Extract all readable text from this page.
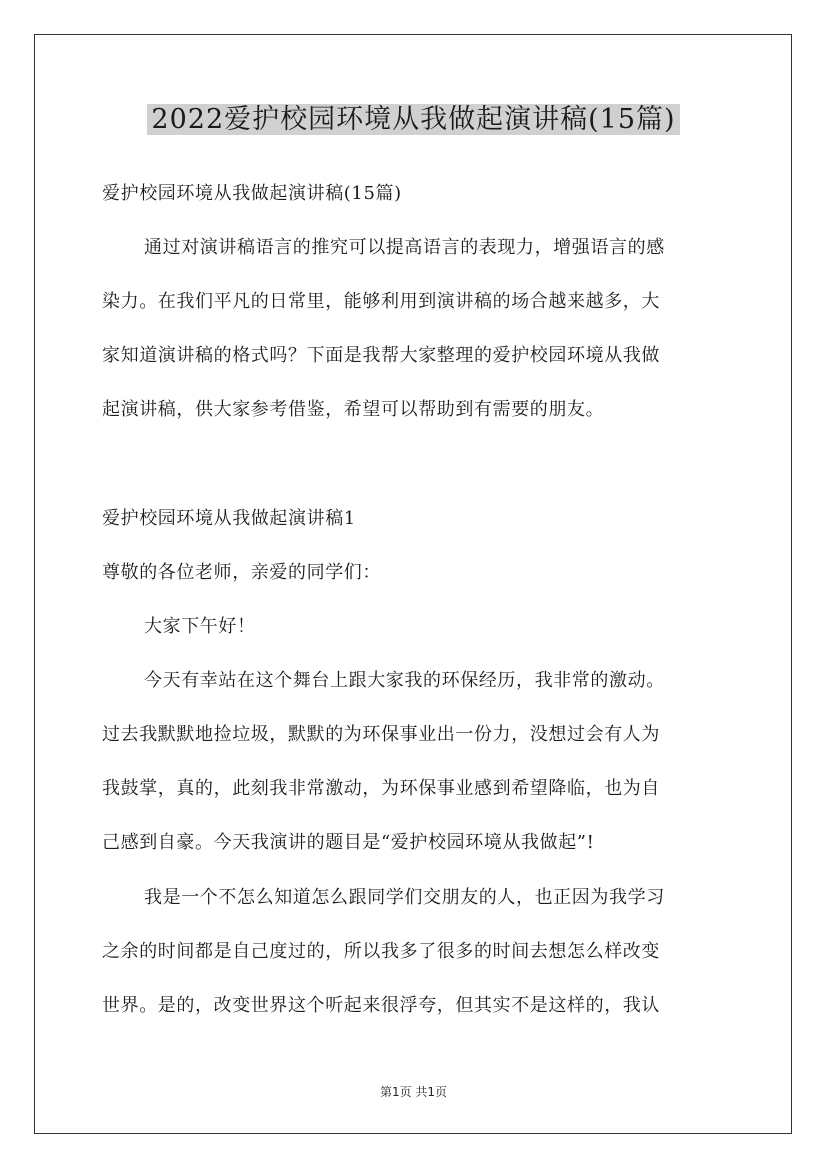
2022爱护校园环境从我做起演讲稿(15篇)
爱护校园环境从我做起演讲稿(15篇)
通过对演讲稿语言的推究可以提高语言的表现力，增强语言的感
染力。在我们平凡的日常里，能够利用到演讲稿的场合越来越多，大
家知道演讲稿的格式吗？下面是我帮大家整理的爱护校园环境从我做
起演讲稿，供大家参考借鉴，希望可以帮助到有需要的朋友。
爱护校园环境从我做起演讲稿1
尊敬的各位老师，亲爱的同学们：
大家下午好！
今天有幸站在这个舞台上跟大家我的环保经历，我非常的激动。
过去我默默地捡垃圾，默默的为环保事业出一份力，没想过会有人为
我鼓掌，真的，此刻我非常激动，为环保事业感到希望降临，也为自
己感到自豪。今天我演讲的题目是“爱护校园环境从我做起”!
我是一个不怎么知道怎么跟同学们交朋友的人，也正因为我学习
之余的时间都是自己度过的，所以我多了很多的时间去想怎么样改变
世界。是的，改变世界这个听起来很浮夸，但其实不是这样的，我认
第1页 共1页
